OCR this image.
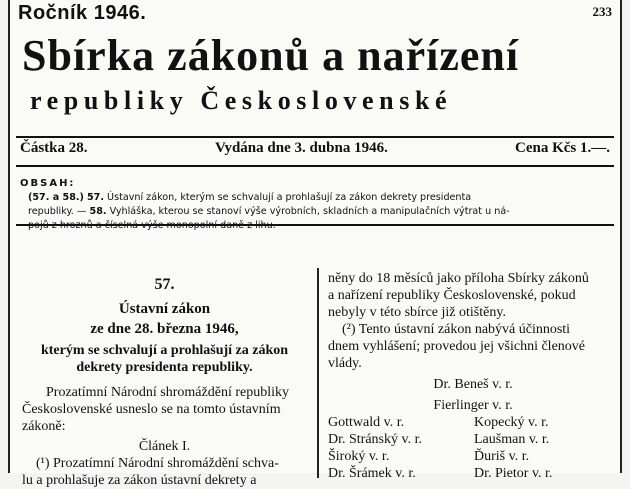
Ročník 1946.	233
Sbírka zákonů a nařízení
republiky Československé
Částka 28.	Vydána dne 3. dubna 1946.	Cena Kčs 1.—.
OBSAH:
(57. a 58.) 57. Ústavní zákon, kterým se schvalují a prohlašují za zákon dekrety presidenta
republiky. — 58. Vyhláška, kterou se stanoví výše výrobních, skladních a manipulačních výtrat u ná-
57.
Ústavní zákon
ze dne 28. března 1946,
kterým se schvalují a prohlašují za zákon
dekrety presidenta republiky.
Prozatímní Národní shromáždění republiky
Československé usneslo se na tomto ústavním
zákoně:
Článek I.
(¹) Prozatímní Národní shromáždění schva-
lu a prohlašuje za zákon ústavní dekrety a
něny do 18 měsíců jako příloha Sbírky zákonů
a nařízení republiky Československé, pokud
nebyly v této sbírce již otištěny.
(²) Tento ústavní zákon nabývá účinnosti
dnem vyhlášení; provedou jej všichni členové
vlády.
Dr. Beneš v. r.
Fierlinger v. r.
Gottwald v. r.	Kopecký v. r.
Dr. Stránský v. r.	Laušman v. r.
Široký v. r.	Ďuriš v. r.
Dr. Šrámek v. r.	Dr. Pietor v. r.
